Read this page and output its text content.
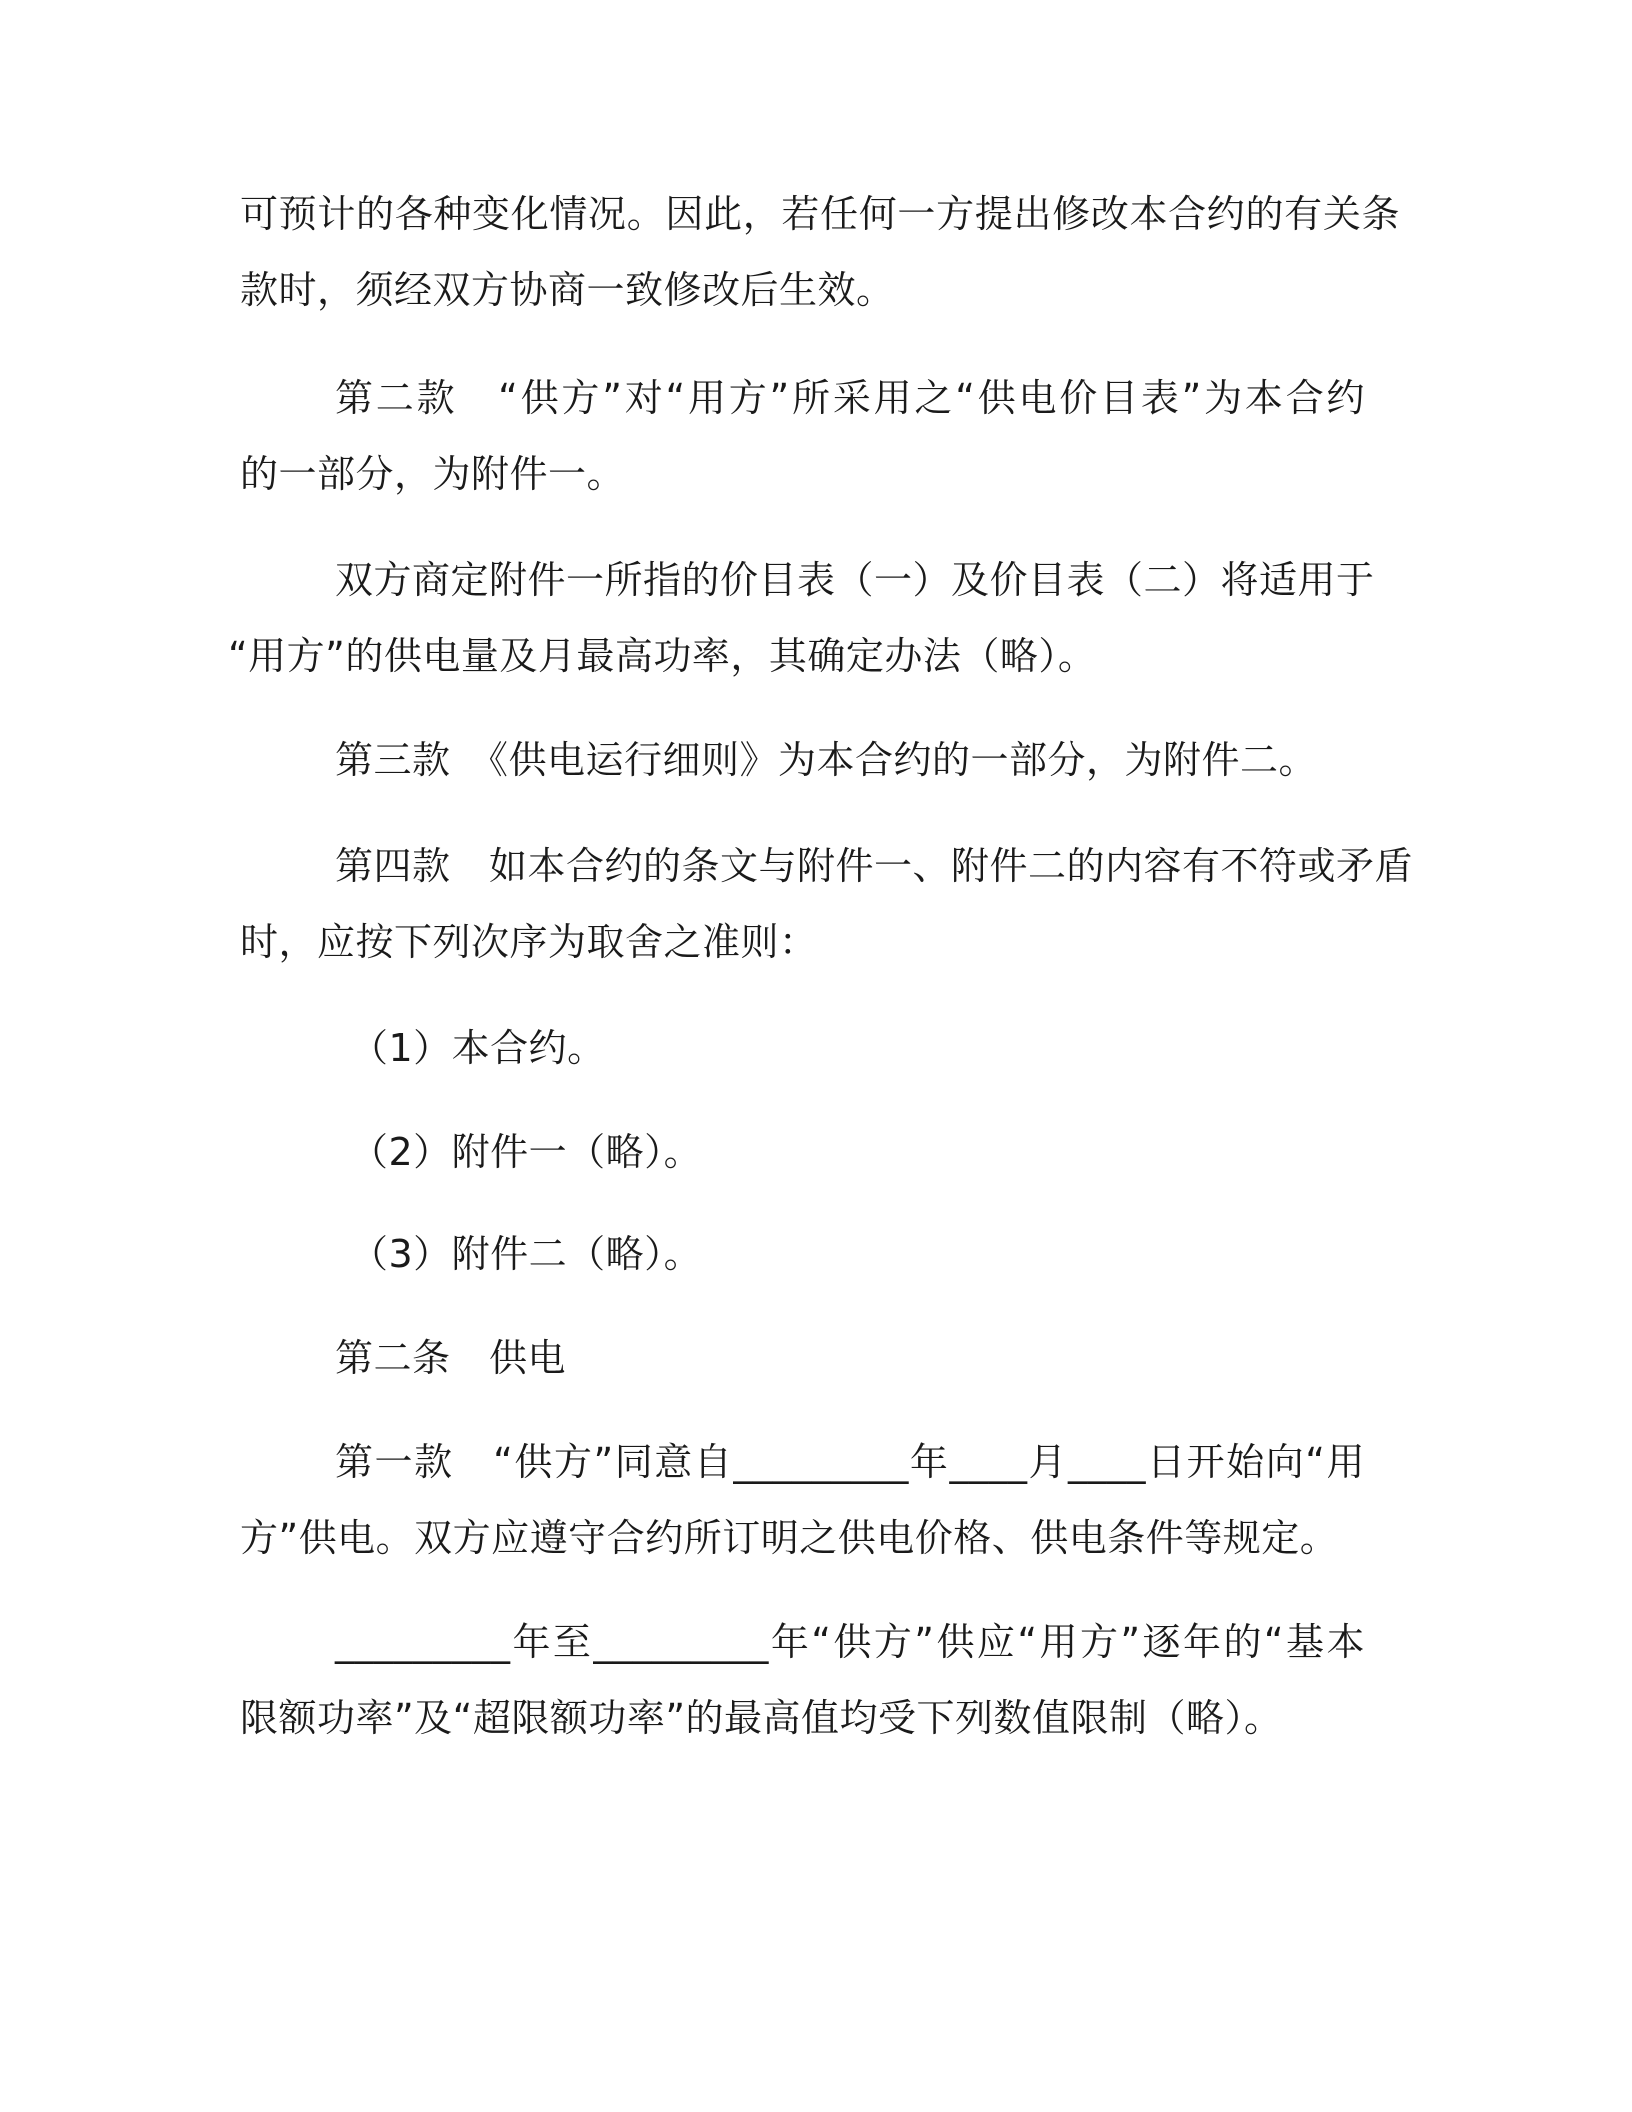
可预计的各种变化情况。因此，若任何一方提出修改本合约的有关条
款时，须经双方协商一致修改后生效。
第二款　“供方”对“用方”所采用之“供电价目表”为本合约
的一部分，为附件一。
双方商定附件一所指的价目表（一）及价目表（二）将适用于
“用方”的供电量及月最高功率，其确定办法（略）。
第三款　《供电运行细则》为本合约的一部分，为附件二。
第四款　如本合约的条文与附件一、附件二的内容有不符或矛盾
时，应按下列次序为取舍之准则：
（1）本合约。
（2）附件一（略）。
（3）附件二（略）。
第二条　供电
第一款　“供方”同意自_________年____月____日开始向“用
方”供电。双方应遵守合约所订明之供电价格、供电条件等规定。
_________年至_________年“供方”供应“用方”逐年的“基本
限额功率”及“超限额功率”的最高值均受下列数值限制（略）。
